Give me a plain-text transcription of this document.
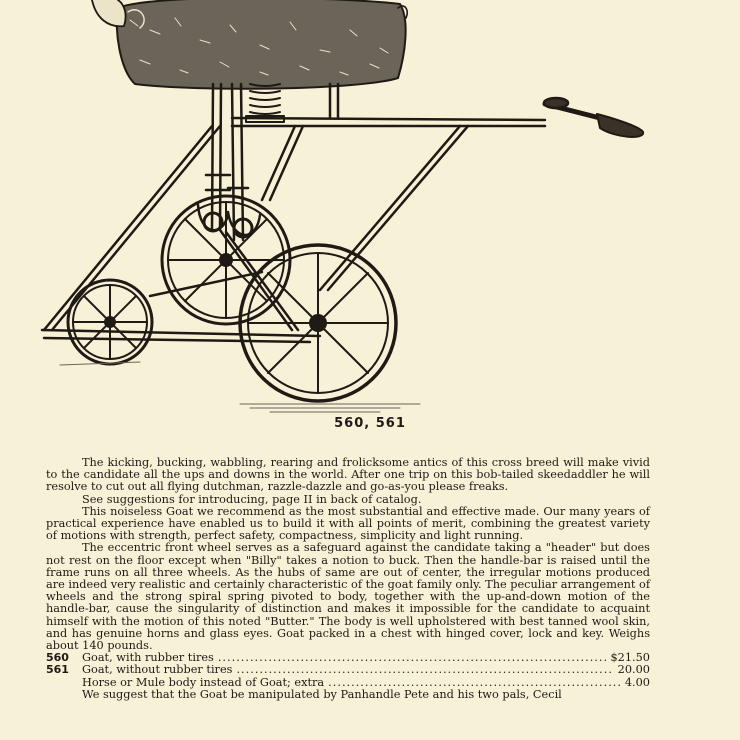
560, 561

The kicking, bucking, wabbling, rearing and frolicksome antics of this cross breed will make vivid to the candidate all the ups and downs in the world. After one trip on this bob-tailed skeedaddler he will resolve to cut out all flying dutchman, razzle-dazzle and go-as-you please freaks.

See suggestions for introducing, page II in back of catalog.

This noiseless Goat we recommend as the most substantial and effective made. Our many years of practical experience have enabled us to build it with all points of merit, combining the greatest variety of motions with strength, perfect safety, compactness, simplicity and light running.

The eccentric front wheel serves as a safeguard against the candidate taking a "header" but does not rest on the floor except when "Billy" takes a notion to buck. Then the handle-bar is raised until the frame runs on all three wheels. As the hubs of same are out of center, the irregular motions produced are indeed very realistic and certainly characteristic of the goat family only. The peculiar arrangement of wheels and the strong spiral spring pivoted to body, together with the up-and-down motion of the handle-bar, cause the singularity of distinction and makes it impossible for the candidate to acquaint himself with the motion of this noted "Butter." The body is well upholstered with best tanned wool skin, and has genuine horns and glass eyes. Goat packed in a chest with hinged cover, lock and key. Weighs about 140 pounds.

560	Goat, with rubber tires .....	$21.50
561	Goat, without rubber tires .....	20.00
Horse or Mule body instead of Goat; extra .....	4.00

We suggest that the Goat be manipulated by Panhandle Pete and his two pals, Cecil
